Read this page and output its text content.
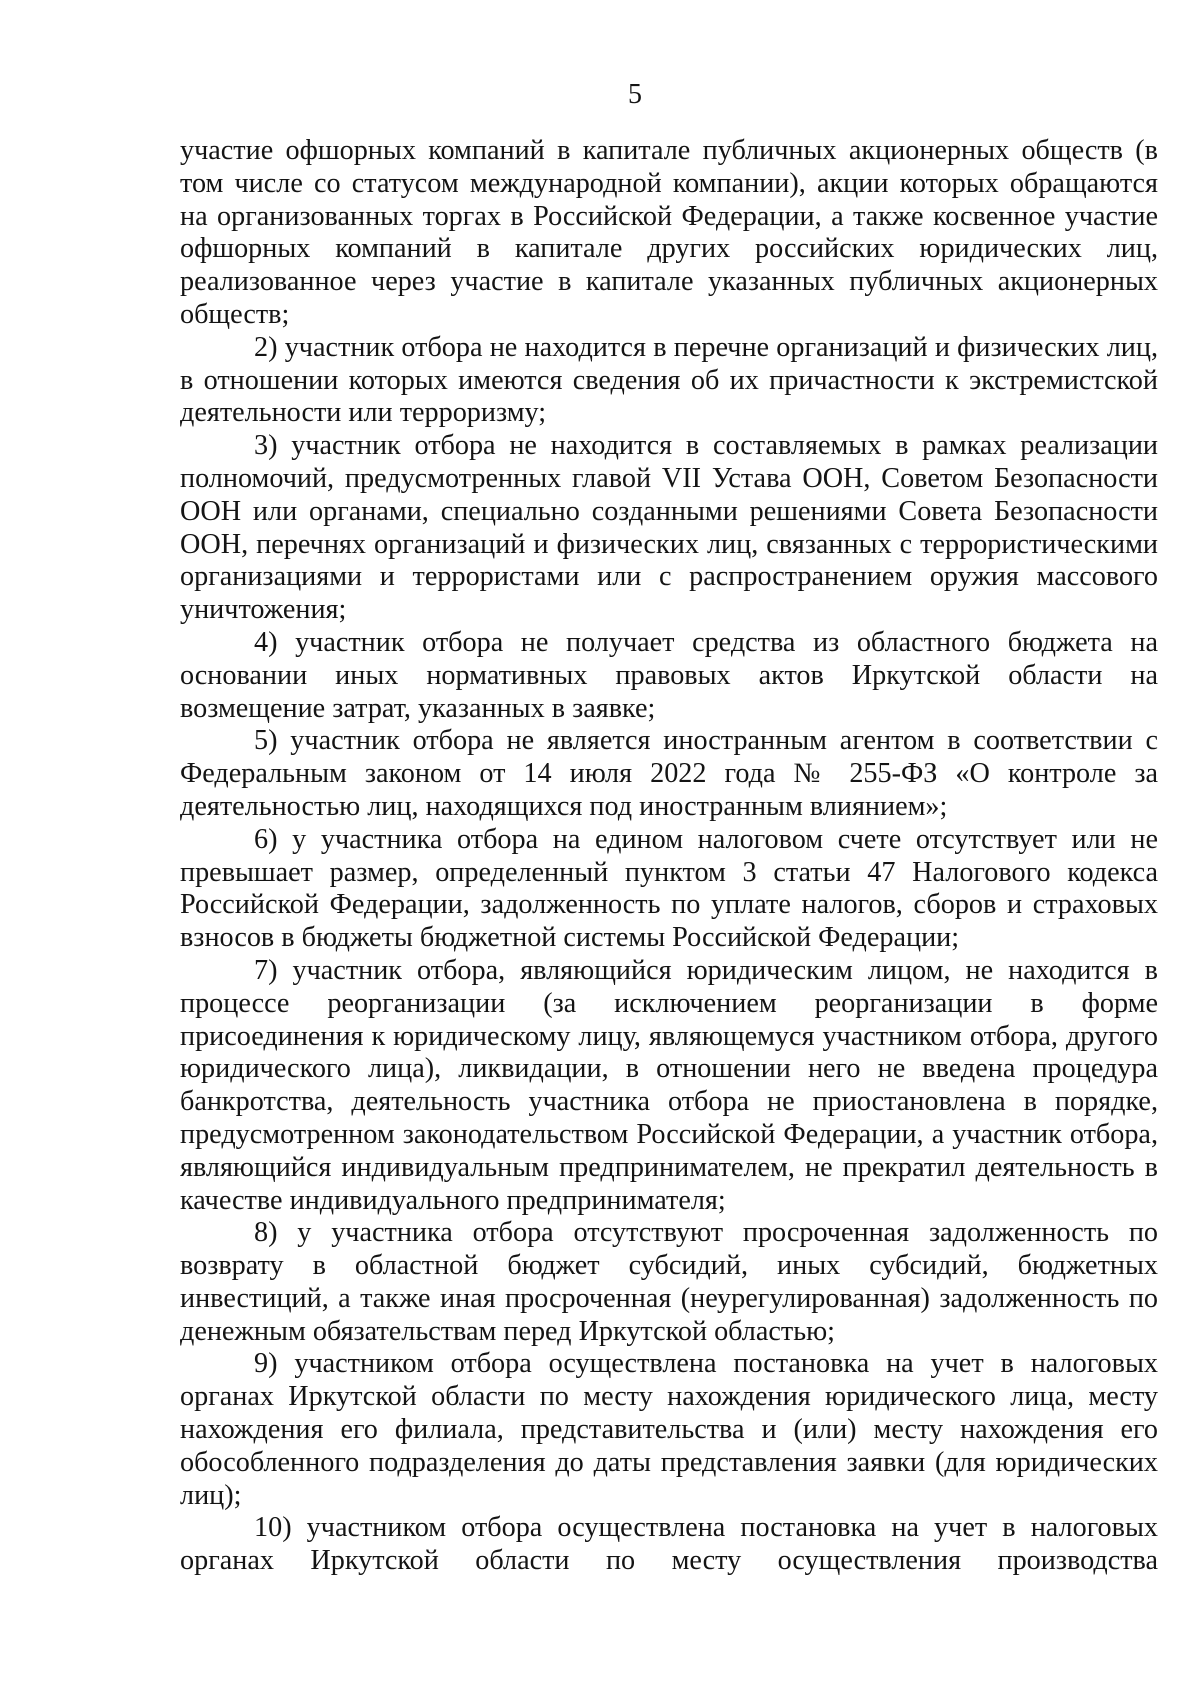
5

участие офшорных компаний в капитале публичных акционерных обществ (в том числе со статусом международной компании), акции которых обращаются на организованных торгах в Российской Федерации, а также косвенное участие офшорных компаний в капитале других российских юридических лиц, реализованное через участие в капитале указанных публичных акционерных обществ;

2) участник отбора не находится в перечне организаций и физических лиц, в отношении которых имеются сведения об их причастности к экстремистской деятельности или терроризму;

3) участник отбора не находится в составляемых в рамках реализации полномочий, предусмотренных главой VII Устава ООН, Советом Безопасности ООН или органами, специально созданными решениями Совета Безопасности ООН, перечнях организаций и физических лиц, связанных с террористическими организациями и террористами или с распространением оружия массового уничтожения;

4) участник отбора не получает средства из областного бюджета на основании иных нормативных правовых актов Иркутской области на возмещение затрат, указанных в заявке;

5) участник отбора не является иностранным агентом в соответствии с Федеральным законом от 14 июля 2022 года № 255-ФЗ «О контроле за деятельностью лиц, находящихся под иностранным влиянием»;

6) у участника отбора на едином налоговом счете отсутствует или не превышает размер, определенный пунктом 3 статьи 47 Налогового кодекса Российской Федерации, задолженность по уплате налогов, сборов и страховых взносов в бюджеты бюджетной системы Российской Федерации;

7) участник отбора, являющийся юридическим лицом, не находится в процессе реорганизации (за исключением реорганизации в форме присоединения к юридическому лицу, являющемуся участником отбора, другого юридического лица), ликвидации, в отношении него не введена процедура банкротства, деятельность участника отбора не приостановлена в порядке, предусмотренном законодательством Российской Федерации, а участник отбора, являющийся индивидуальным предпринимателем, не прекратил деятельность в качестве индивидуального предпринимателя;

8) у участника отбора отсутствуют просроченная задолженность по возврату в областной бюджет субсидий, иных субсидий, бюджетных инвестиций, а также иная просроченная (неурегулированная) задолженность по денежным обязательствам перед Иркутской областью;

9) участником отбора осуществлена постановка на учет в налоговых органах Иркутской области по месту нахождения юридического лица, месту нахождения его филиала, представительства и (или) месту нахождения его обособленного подразделения до даты представления заявки (для юридических лиц);

10) участником отбора осуществлена постановка на учет в налоговых органах Иркутской области по месту осуществления производства
